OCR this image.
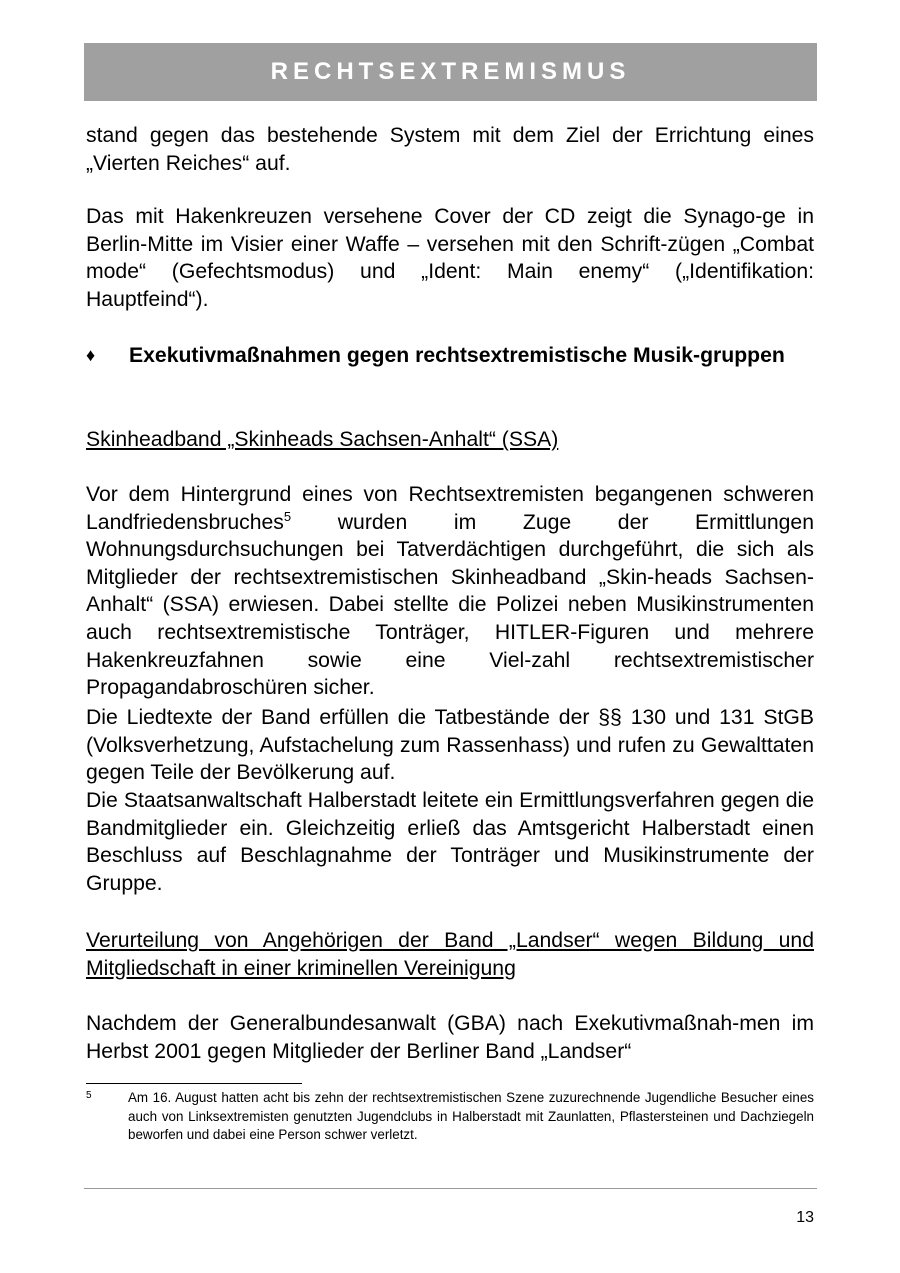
RECHTSEXTREMISMUS

stand gegen das bestehende System mit dem Ziel der Errichtung eines „Vierten Reiches“ auf.

Das mit Hakenkreuzen versehene Cover der CD zeigt die Synago-ge in Berlin-Mitte im Visier einer Waffe – versehen mit den Schrift-zügen „Combat mode“ (Gefechtsmodus) und „Ident: Main enemy“ („Identifikation: Hauptfeind“).

♦	Exekutivmaßnahmen gegen rechtsextremistische Musik-gruppen

Skinheadband „Skinheads Sachsen-Anhalt“ (SSA)

Vor dem Hintergrund eines von Rechtsextremisten begangenen schweren Landfriedensbruches$^5$ wurden im Zuge der Ermittlungen Wohnungsdurchsuchungen bei Tatverdächtigen durchgeführt, die sich als Mitglieder der rechtsextremistischen Skinheadband „Skin-heads Sachsen-Anhalt“ (SSA) erwiesen. Dabei stellte die Polizei neben Musikinstrumenten auch rechtsextremistische Tonträger, HITLER-Figuren und mehrere Hakenkreuzfahnen sowie eine Viel-zahl rechtsextremistischer Propagandabroschüren sicher.

Die Liedtexte der Band erfüllen die Tatbestände der §§ 130 und 131 StGB (Volksverhetzung, Aufstachelung zum Rassenhass) und rufen zu Gewalttaten gegen Teile der Bevölkerung auf.

Die Staatsanwaltschaft Halberstadt leitete ein Ermittlungsverfahren gegen die Bandmitglieder ein. Gleichzeitig erließ das Amtsgericht Halberstadt einen Beschluss auf Beschlagnahme der Tonträger und Musikinstrumente der Gruppe.

Verurteilung von Angehörigen der Band „Landser“ wegen Bildung und Mitgliedschaft in einer kriminellen Vereinigung

Nachdem der Generalbundesanwalt (GBA) nach Exekutivmaßnah-men im Herbst 2001 gegen Mitglieder der Berliner Band „Landser“

5	Am 16. August hatten acht bis zehn der rechtsextremistischen Szene zuzurechnende Jugendliche Besucher eines auch von Linksextremisten genutzten Jugendclubs in Halberstadt mit Zaunlatten, Pflastersteinen und Dachziegeln beworfen und dabei eine Person schwer verletzt.
13
